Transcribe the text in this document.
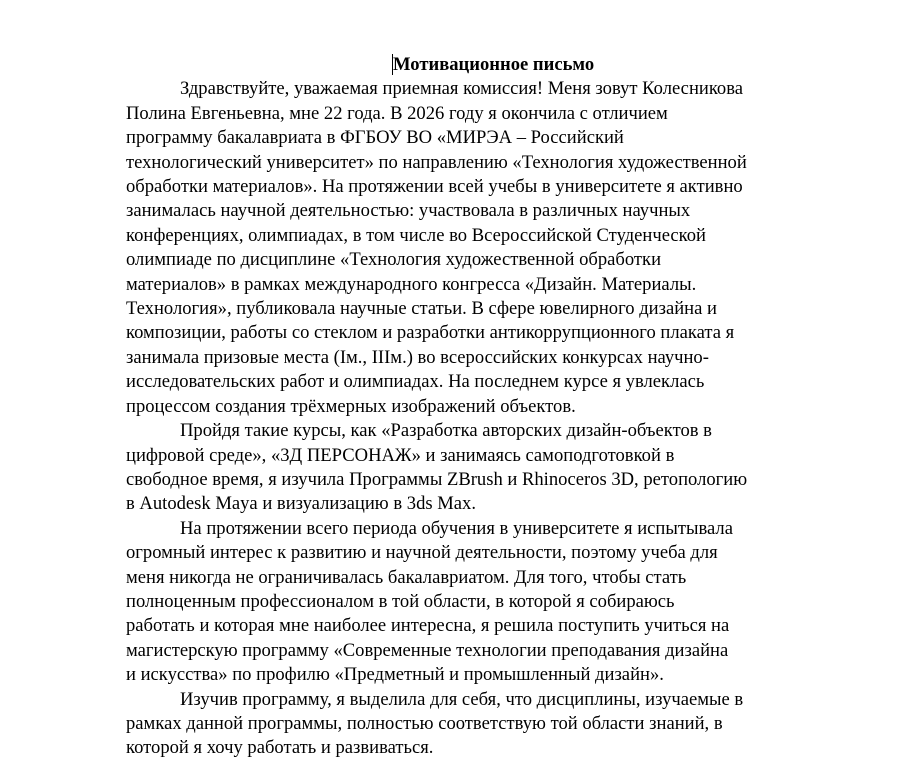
Мотивационное письмо

Здравствуйте, уважаемая приемная комиссия! Меня зовут Колесникова
Полина Евгеньевна, мне 22 года. В 2026 году я окончила с отличием
программу бакалавриата в ФГБОУ ВО «МИРЭА – Российский
технологический университет» по направлению «Технология художественной
обработки материалов». На протяжении всей учебы в университете я активно
занималась научной деятельностью: участвовала в различных научных
конференциях, олимпиадах, в том числе во Всероссийской Студенческой
олимпиаде по дисциплине «Технология художественной обработки
материалов» в рамках международного конгресса «Дизайн. Материалы.
Технология», публиковала научные статьи. В сфере ювелирного дизайна и
композиции, работы со стеклом и разработки антикоррупционного плаката я
занимала призовые места (Iм., IIIм.) во всероссийских конкурсах научно-
исследовательских работ и олимпиадах. На последнем курсе я увлеклась
процессом создания трёхмерных изображений объектов.

Пройдя такие курсы, как «Разработка авторских дизайн-объектов в
цифровой среде», «3Д ПЕРСОНАЖ» и занимаясь самоподготовкой в
свободное время, я изучила Программы ZBrush и Rhinoceros 3D, ретопологию
в Autodesk Maya и визуализацию в 3ds Max.

На протяжении всего периода обучения в университете я испытывала
огромный интерес к развитию и научной деятельности, поэтому учеба для
меня никогда не ограничивалась бакалавриатом. Для того, чтобы стать
полноценным профессионалом в той области, в которой я собираюсь
работать и которая мне наиболее интересна, я решила поступить учиться на
магистерскую программу «Современные технологии преподавания дизайна
и искусства» по профилю «Предметный и промышленный дизайн».

Изучив программу, я выделила для себя, что дисциплины, изучаемые в
рамках данной программы, полностью соответствую той области знаний, в
которой я хочу работать и развиваться.
